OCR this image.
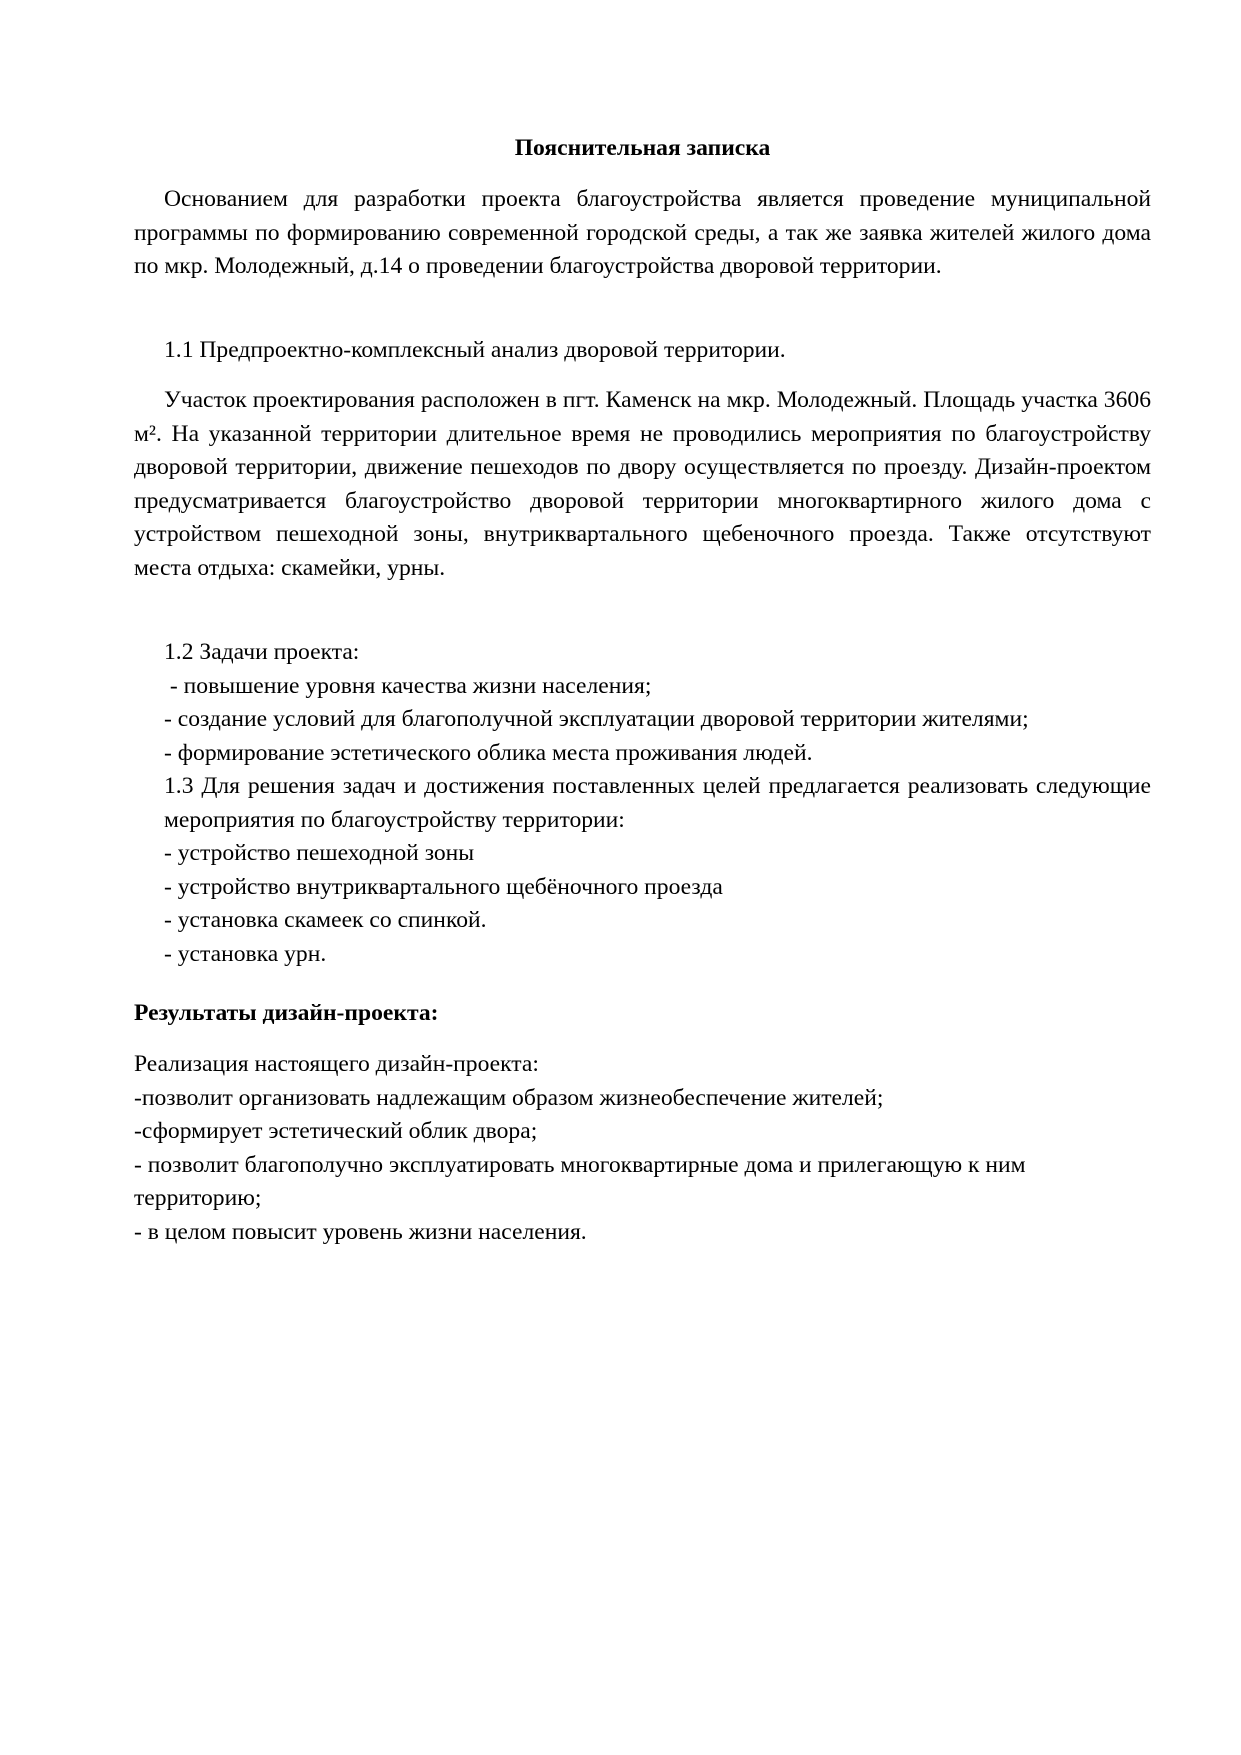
Пояснительная записка
Основанием для разработки проекта благоустройства является проведение муниципальной программы по формированию современной городской среды, а так же заявка жителей жилого дома по мкр. Молодежный, д.14 о проведении благоустройства дворовой территории.
1.1 Предпроектно-комплексный анализ дворовой территории.
Участок проектирования расположен в пгт. Каменск на мкр. Молодежный. Площадь участка 3606 м². На указанной территории длительное время не проводились мероприятия по благоустройству дворовой территории, движение пешеходов по двору осуществляется по проезду. Дизайн-проектом предусматривается благоустройство дворовой территории многоквартирного жилого дома с устройством пешеходной зоны, внутриквартального щебеночного проезда. Также отсутствуют места отдыха: скамейки, урны.
1.2 Задачи проекта:
- повышение уровня качества жизни населения;
- создание условий для благополучной эксплуатации дворовой территории жителями;
- формирование эстетического облика места проживания людей.
1.3 Для решения задач и достижения поставленных целей предлагается реализовать следующие мероприятия по благоустройству территории:
- устройство пешеходной зоны
- устройство внутриквартального щебёночного проезда
- установка скамеек со спинкой.
- установка урн.
Результаты дизайн-проекта:
Реализация настоящего дизайн-проекта:
-позволит организовать надлежащим образом жизнеобеспечение жителей;
-сформирует эстетический облик двора;
- позволит благополучно эксплуатировать многоквартирные дома и прилегающую к ним территорию;
- в целом повысит уровень жизни населения.
